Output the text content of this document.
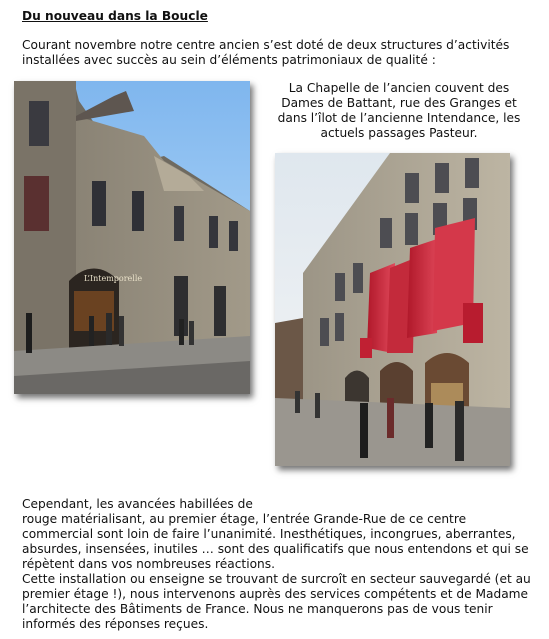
Du nouveau dans la Boucle
Courant novembre notre centre ancien s’est doté de deux structures d’activités installées avec succès au sein d’éléments patrimoniaux de qualité :
La Chapelle de l’ancien couvent des Dames de Battant, rue des Granges et dans l’îlot de l’ancienne Intendance, les actuels passages Pasteur.
L’Intemporelle

Cependant, les avancées habillées de

rouge matérialisant, au premier étage, l’entrée Grande-Rue de ce centre commercial sont loin de faire l’unanimité. Inesthétiques, incongrues, aberrantes, absurdes, insensées, inutiles … sont des qualificatifs que nous entendons et qui se répètent dans vos nombreuses réactions.

Cette installation ou enseigne se trouvant de surcroît en secteur sauvegardé (et au premier étage !), nous intervenons auprès des services compétents et de Madame l’architecte des Bâtiments de France. Nous ne manquerons pas de vous tenir informés des réponses reçues.
